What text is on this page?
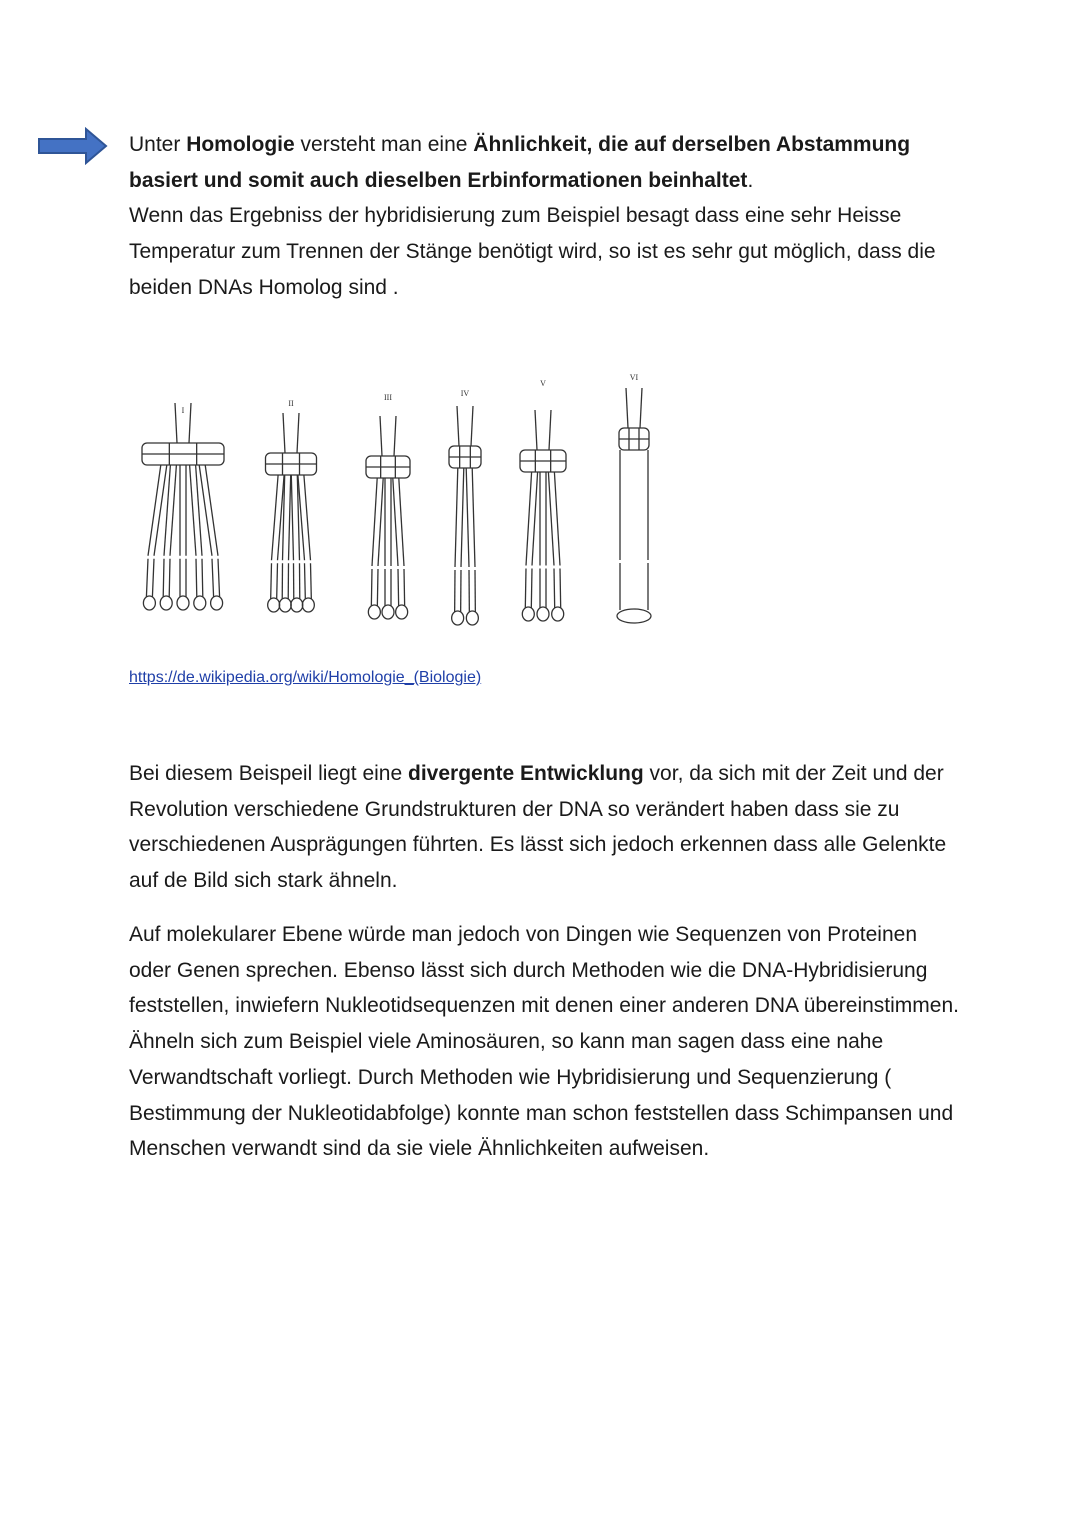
Unter Homologie versteht man eine Ähnlichkeit, die auf derselben Abstammung basiert und somit auch dieselben Erbinformationen beinhaltet.
Wenn das Ergebniss der hybridisierung zum Beispiel besagt dass eine sehr Heisse Temperatur zum Trennen der Stänge benötigt wird, so ist es sehr gut möglich, dass die beiden DNAs Homolog sind .

I
II
III	IV
V
VI
https://de.wikipedia.org/wiki/Homologie_(Biologie)

Bei diesem Beispeil liegt eine divergente Entwicklung vor, da sich mit der Zeit und der Revolution verschiedene Grundstrukturen der DNA so verändert haben dass sie zu verschiedenen Ausprägungen führten. Es lässt sich jedoch erkennen dass alle Gelenkte auf de Bild sich stark ähneln.

Auf molekularer Ebene würde man jedoch von Dingen wie Sequenzen von Proteinen oder Genen sprechen. Ebenso lässt sich durch Methoden wie die DNA-Hybridisierung feststellen, inwiefern Nukleotidsequenzen mit denen einer anderen DNA übereinstimmen. Ähneln sich zum Beispiel viele Aminosäuren, so kann man sagen dass eine nahe Verwandtschaft vorliegt. Durch Methoden wie Hybridisierung und Sequenzierung ( Bestimmung der Nukleotidabfolge) konnte man schon feststellen dass Schimpansen und Menschen verwandt sind da sie viele Ähnlichkeiten aufweisen.
